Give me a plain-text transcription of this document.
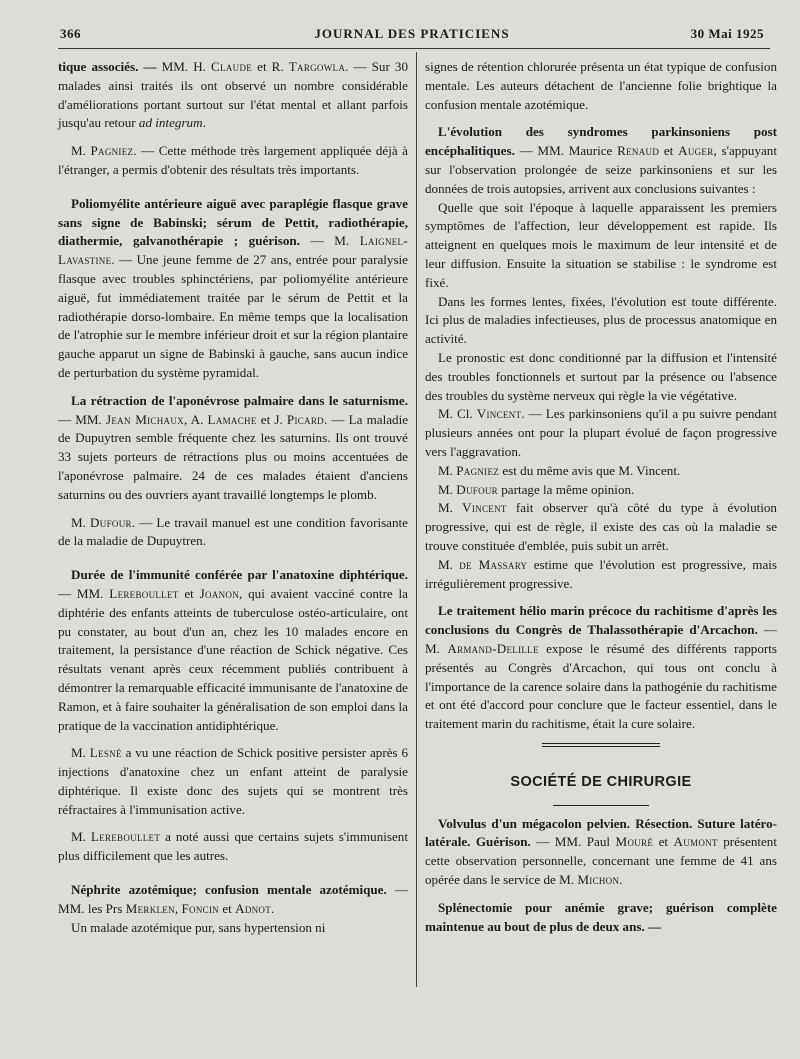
366	JOURNAL DES PRATICIENS	30 Mai 1925

tique associés. — MM. H. Claude et R. Targowla. — Sur 30 malades ainsi traités ils ont observé un nombre considérable d'améliorations portant surtout sur l'état mental et allant parfois jusqu'au retour ad integrum.

M. Pagniez. — Cette méthode très largement appliquée déjà à l'étranger, a permis d'obtenir des résultats très importants.

Poliomyélite antérieure aiguë avec paraplégie flasque grave sans signe de Babinski; sérum de Pettit, radiothérapie, diathermie, galvanothérapie ; guérison. — M. Laignel-Lavastine. — Une jeune femme de 27 ans, entrée pour paralysie flasque avec troubles sphinctériens, par poliomyélite antérieure aiguë, fut immédiatement traitée par le sérum de Pettit et la radiothérapie dorso-lombaire. En même temps que la localisation de l'atrophie sur le membre inférieur droit et sur la région plantaire gauche apparut un signe de Babinski à gauche, sans aucun indice de perturbation du système pyramidal.

La rétraction de l'aponévrose palmaire dans le saturnisme. — MM. Jean Michaux, A. Lamache et J. Picard. — La maladie de Dupuytren semble fréquente chez les saturnins. Ils ont trouvé 33 sujets porteurs de rétractions plus ou moins accentuées de l'aponévrose palmaire. 24 de ces malades étaient d'anciens saturnins ou des ouvriers ayant travaillé longtemps le plomb.

M. Dufour. — Le travail manuel est une condition favorisante de la maladie de Dupuytren.

Durée de l'immunité conférée par l'anatoxine diphtérique. — MM. Lereboullet et Joanon, qui avaient vacciné contre la diphtérie des enfants atteints de tuberculose ostéo-articulaire, ont pu constater, au bout d'un an, chez les 10 malades encore en traitement, la persistance d'une réaction de Schick négative. Ces résultats venant après ceux récemment publiés contribuent à démontrer la remarquable efficacité immunisante de l'anatoxine de Ramon, et à faire souhaiter la généralisation de son emploi dans la pratique de la vaccination antidiphtérique.

M. Lesné a vu une réaction de Schick positive persister après 6 injections d'anatoxine chez un enfant atteint de paralysie diphtérique. Il existe donc des sujets qui se montrent très réfractaires à l'immunisation active.

M. Lereboullet a noté aussi que certains sujets s'immunisent plus difficilement que les autres.

Néphrite azotémique; confusion mentale azotémique. — MM. les Prs Merklen, Foncin et Adnot.

Un malade azotémique pur, sans hypertension ni

signes de rétention chlorurée présenta un état typique de confusion mentale. Les auteurs détachent de l'ancienne folie brightique la confusion mentale azotémique.

L'évolution des syndromes parkinsoniens post encéphalitiques. — MM. Maurice Renaud et Auger, s'appuyant sur l'observation prolongée de seize parkinsoniens et sur les données de trois autopsies, arrivent aux conclusions suivantes :

Quelle que soit l'époque à laquelle apparaissent les premiers symptômes de l'affection, leur développement est rapide. Ils atteignent en quelques mois le maximum de leur intensité et de leur diffusion. Ensuite la situation se stabilise : le syndrome est fixé.

Dans les formes lentes, fixées, l'évolution est toute différente. Ici plus de maladies infectieuses, plus de processus anatomique en activité.

Le pronostic est donc conditionné par la diffusion et l'intensité des troubles fonctionnels et surtout par la présence ou l'absence des troubles du système nerveux qui règle la vie végétative.

M. Cl. Vincent. — Les parkinsoniens qu'il a pu suivre pendant plusieurs années ont pour la plupart évolué de façon progressive vers l'aggravation.

M. Pagniez est du même avis que M. Vincent.

M. Dufour partage la même opinion.

M. Vincent fait observer qu'à côté du type à évolution progressive, qui est de règle, il existe des cas où la maladie se trouve constituée d'emblée, puis subit un arrêt.

M. de Massary estime que l'évolution est progressive, mais irrégulièrement progressive.

Le traitement hélio marin précoce du rachitisme d'après les conclusions du Congrès de Thalassothérapie d'Arcachon. — M. Armand-Delille expose le résumé des différents rapports présentés au Congrès d'Arcachon, qui tous ont conclu à l'importance de la carence solaire dans la pathogénie du rachitisme et ont été d'accord pour conclure que le facteur essentiel, dans le traitement marin du rachitisme, était la cure solaire.

SOCIÉTÉ DE CHIRURGIE

Volvulus d'un mégacolon pelvien. Résection. Suture latéro-latérale. Guérison. — MM. Paul Mouré et Aumont présentent cette observation personnelle, concernant une femme de 41 ans opérée dans le service de M. Michon.

Splénectomie pour anémie grave; guérison complète maintenue au bout de plus de deux ans. —
